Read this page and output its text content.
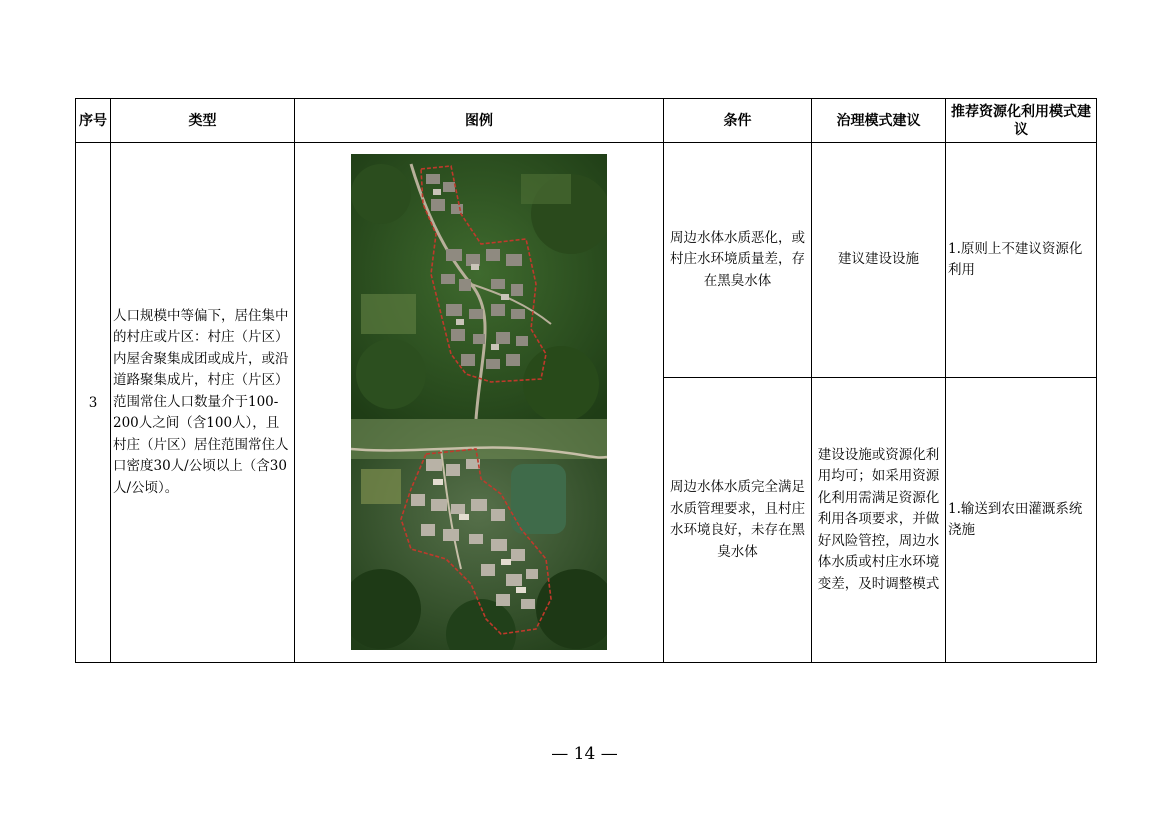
序号	类型	图例	条件	治理模式建议	推荐资源化利用模式建议
3	人口规模中等偏下，居住集中的村庄或片区：村庄（片区）内屋舍聚集成团或成片，或沿道路聚集成片，村庄（片区）范围常住人口数量介于100-200人之间（含100人），且村庄（片区）居住范围常住人口密度30人/公顷以上（含30人/公顷）。		周边水体水质恶化，或村庄水环境质量差，存在黑臭水体	建议建设设施	1.原则上不建议资源化利用
			周边水体水质完全满足水质管理要求，且村庄水环境良好，未存在黑臭水体	建设设施或资源化利用均可；如采用资源化利用需满足资源化利用各项要求，并做好风险管控，周边水体水质或村庄水环境变差，及时调整模式	1.输送到农田灌溉系统浇施
— 14 —
